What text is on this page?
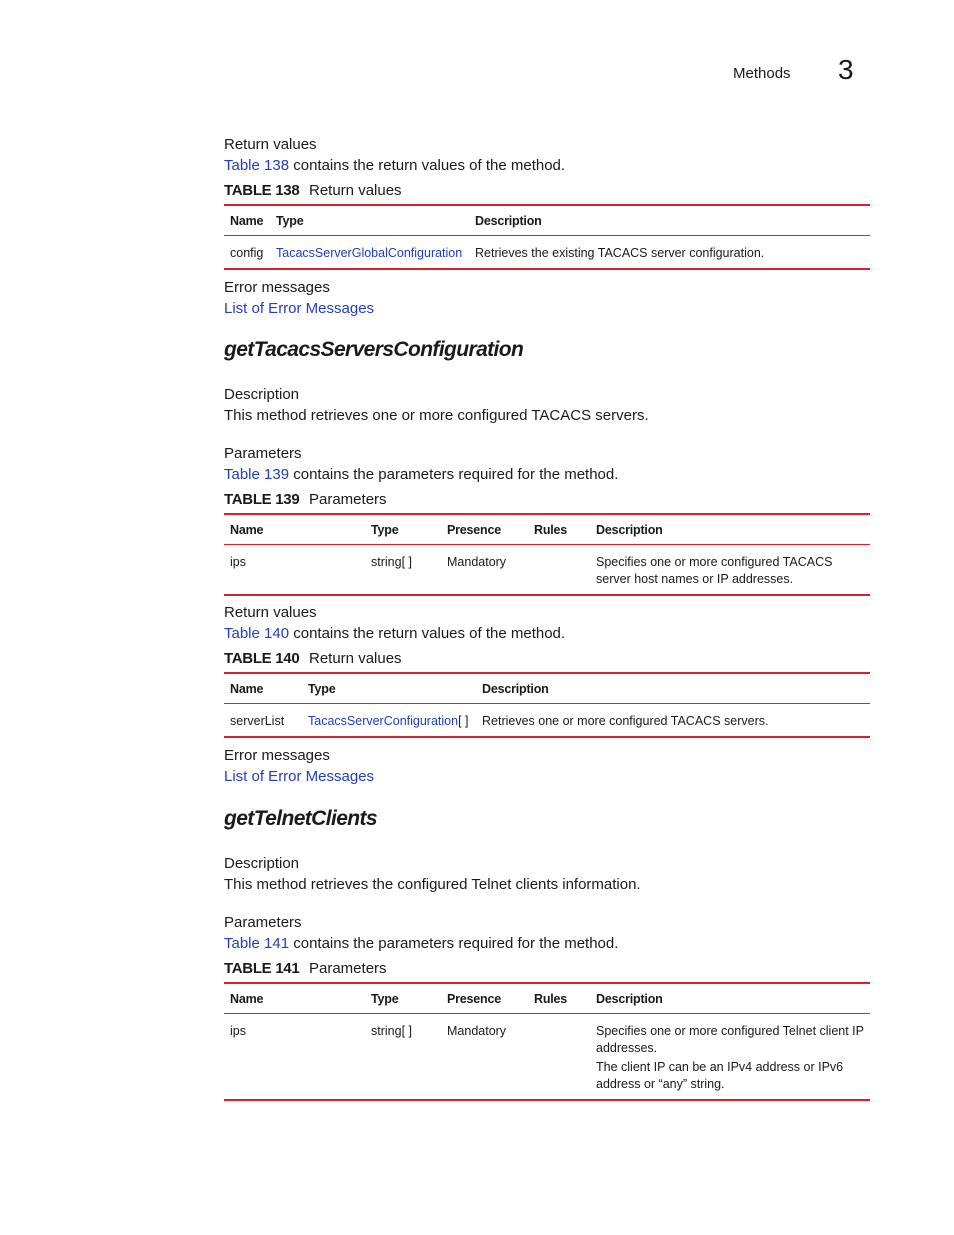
Methods 3
Return values
Table 138 contains the return values of the method.
TABLE 138 Return values
Name	Type	Description
config	TacacsServerGlobalConfiguration	Retrieves the existing TACACS server configuration.
Error messages
List of Error Messages
getTacacsServersConfiguration
Description
This method retrieves one or more configured TACACS servers.
Parameters
Table 139 contains the parameters required for the method.
TABLE 139 Parameters
Name	Type	Presence	Rules	Description
ips	string[ ]	Mandatory		Specifies one or more configured TACACS server host names or IP addresses.
Return values
Table 140 contains the return values of the method.
TABLE 140 Return values
Name	Type	Description
serverList	TacacsServerConfiguration[ ]	Retrieves one or more configured TACACS servers.
Error messages
List of Error Messages
getTelnetClients
Description
This method retrieves the configured Telnet clients information.
Parameters
Table 141 contains the parameters required for the method.
TABLE 141 Parameters
Name	Type	Presence	Rules	Description
ips	string[ ]	Mandatory		Specifies one or more configured Telnet client IP addresses.

The client IP can be an IPv4 address or IPv6 address or “any” string.
